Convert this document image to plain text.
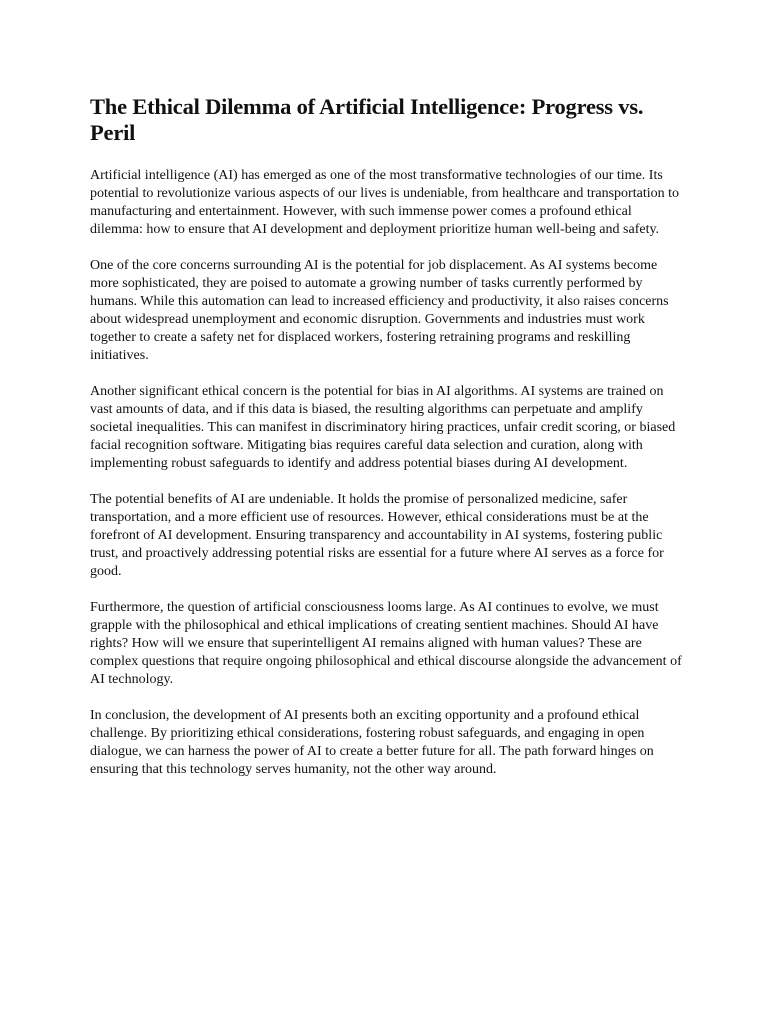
The Ethical Dilemma of Artificial Intelligence: Progress vs. Peril

Artificial intelligence (AI) has emerged as one of the most transformative technologies of our time. Its potential to revolutionize various aspects of our lives is undeniable, from healthcare and transportation to manufacturing and entertainment. However, with such immense power comes a profound ethical dilemma: how to ensure that AI development and deployment prioritize human well-being and safety.

One of the core concerns surrounding AI is the potential for job displacement. As AI systems become more sophisticated, they are poised to automate a growing number of tasks currently performed by humans. While this automation can lead to increased efficiency and productivity, it also raises concerns about widespread unemployment and economic disruption. Governments and industries must work together to create a safety net for displaced workers, fostering retraining programs and reskilling initiatives.

Another significant ethical concern is the potential for bias in AI algorithms. AI systems are trained on vast amounts of data, and if this data is biased, the resulting algorithms can perpetuate and amplify societal inequalities. This can manifest in discriminatory hiring practices, unfair credit scoring, or biased facial recognition software. Mitigating bias requires careful data selection and curation, along with implementing robust safeguards to identify and address potential biases during AI development.

The potential benefits of AI are undeniable. It holds the promise of personalized medicine, safer transportation, and a more efficient use of resources. However, ethical considerations must be at the forefront of AI development. Ensuring transparency and accountability in AI systems, fostering public trust, and proactively addressing potential risks are essential for a future where AI serves as a force for good.

Furthermore, the question of artificial consciousness looms large. As AI continues to evolve, we must grapple with the philosophical and ethical implications of creating sentient machines. Should AI have rights? How will we ensure that superintelligent AI remains aligned with human values? These are complex questions that require ongoing philosophical and ethical discourse alongside the advancement of AI technology.

In conclusion, the development of AI presents both an exciting opportunity and a profound ethical challenge. By prioritizing ethical considerations, fostering robust safeguards, and engaging in open dialogue, we can harness the power of AI to create a better future for all. The path forward hinges on ensuring that this technology serves humanity, not the other way around.
